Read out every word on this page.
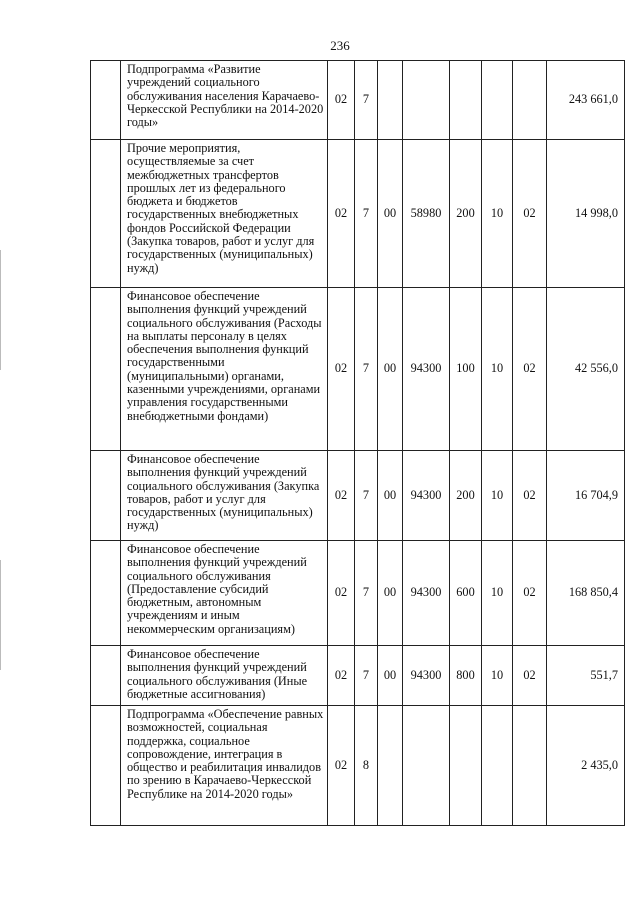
236
	Подпрограмма «Развитие учреждений социального обслуживания населения Карачаево-Черкесской Республики на 2014-2020 годы»	02	7						243 661,0
	Прочие мероприятия, осуществляемые за счет межбюджетных трансфертов прошлых лет из федерального бюджета и бюджетов государственных внебюджетных фондов Российской Федерации (Закупка товаров, работ и услуг для государственных (муниципальных) нужд)	02	7	00	58980	200	10	02	14 998,0
	Финансовое обеспечение выполнения функций учреждений социального обслуживания (Расходы на выплаты персоналу в целях обеспечения выполнения функций государственными (муниципальными) органами, казенными учреждениями, органами управления государственными внебюджетными фондами)	02	7	00	94300	100	10	02	42 556,0
	Финансовое обеспечение выполнения функций учреждений социального обслуживания (Закупка товаров, работ и услуг для государственных (муниципальных) нужд)	02	7	00	94300	200	10	02	16 704,9
	Финансовое обеспечение выполнения функций учреждений социального обслуживания (Предоставление субсидий бюджетным, автономным учреждениям и иным некоммерческим организациям)	02	7	00	94300	600	10	02	168 850,4
	Финансовое обеспечение выполнения функций учреждений социального обслуживания (Иные бюджетные ассигнования)	02	7	00	94300	800	10	02	551,7
	Подпрограмма «Обеспечение равных возможностей, социальная поддержка, социальное сопровождение, интеграция в общество и реабилитация инвалидов по зрению в Карачаево-Черкесской Республике на 2014-2020 годы»	02	8						2 435,0
